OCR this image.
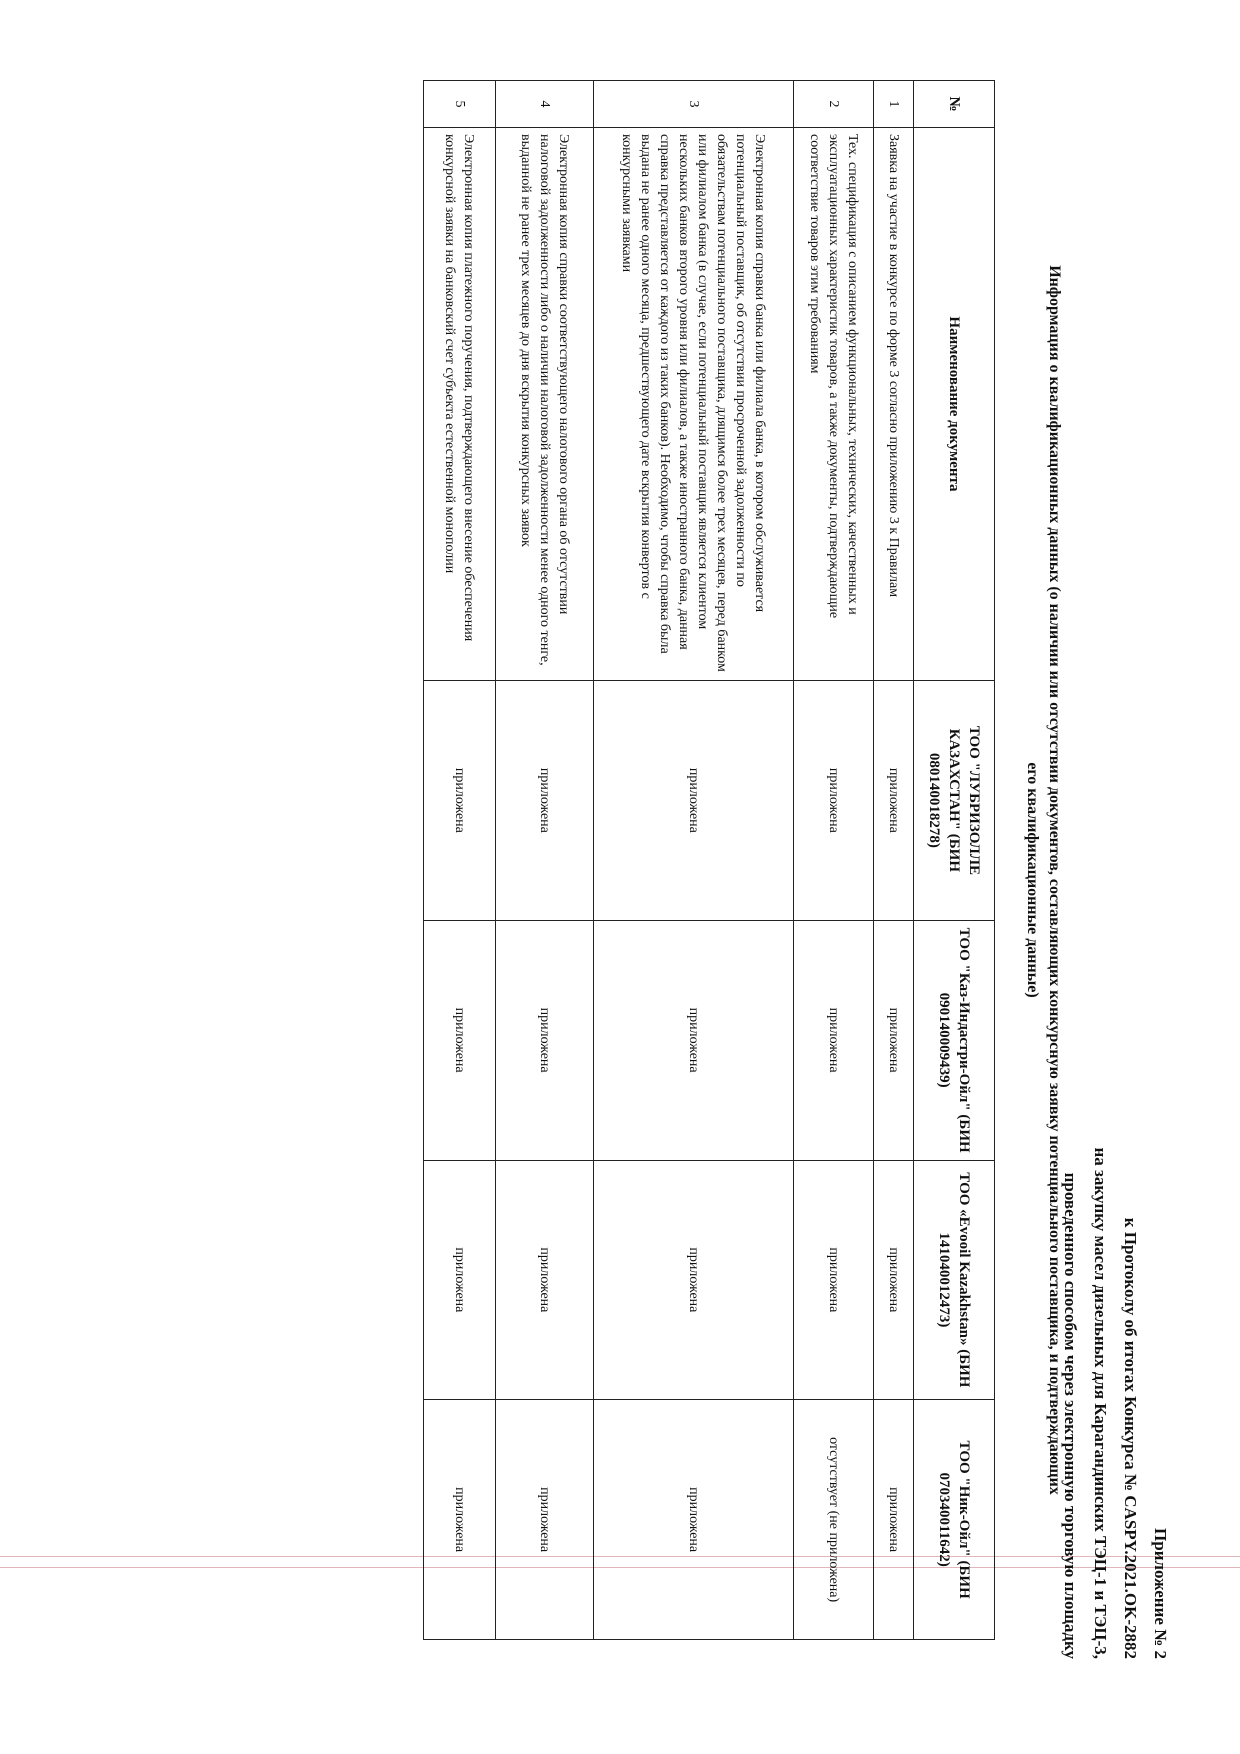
Приложение № 2
к Протоколу об итогах Конкурса № CASPY.2021.OK-2882
на закупку масел дизельных для Карагандинских ТЭЦ-1 и ТЭЦ-3,
проведенного способом через электронную торговую площадку
№	Наименование документа	ТОО "ЛУБРИЗОЛЛЕ КАЗАХСТАН" (БИН 080140018278)	ТОО "Каз-Индастри-Ойл" (БИН 090140009439)	ТОО «Evooil Kazakhstan» (БИН 141040012473)	ТОО "Ник-Ойл" (БИН 070340011642)
1	Заявка на участие в конкурсе по форме 3 согласно приложению 3 к Правилам	приложена	приложена	приложена	приложена
2	Тех. спецификация с описанием функциональных, технических, качественных и эксплуатационных характеристик товаров, а также документы, подтверждающие соответствие товаров этим требованиям	приложена	приложена	приложена	отсутствует (не приложена)
3	Электронная копия справки банка или филиала банка, в котором обслуживается потенциальный поставщик, об отсутствии просроченной задолженности по обязательствам потенциального поставщика, длящимся более трех месяцев, перед банком или филиалом банка (в случае, если потенциальный поставщик является клиентом нескольких банков второго уровня или филиалов, а также иностранного банка, данная справка представляется от каждого из таких банков). Необходимо, чтобы справка была выдана не ранее одного месяца, предшествующего дате вскрытия конвертов с конкурсными заявками	приложена	приложена	приложена	приложена
4	Электронная копия справки соответствующего налогового органа об отсутствии налоговой задолженности либо о наличии налоговой задолженности менее одного тенге, выданной не ранее трех месяцев до дня вскрытия конкурсных заявок	приложена	приложена	приложена	приложена
5	Электронная копия платежного поручения, подтверждающего внесение обеспечения конкурсной заявки на банковский счет субъекта естественной монополии	приложена	приложена	приложена	приложена
Информация о квалификационных данных (о наличии или отсутствии документов, составляющих конкурсную заявку потенциального поставщика, и подтверждающих
его квалификационные данные)
